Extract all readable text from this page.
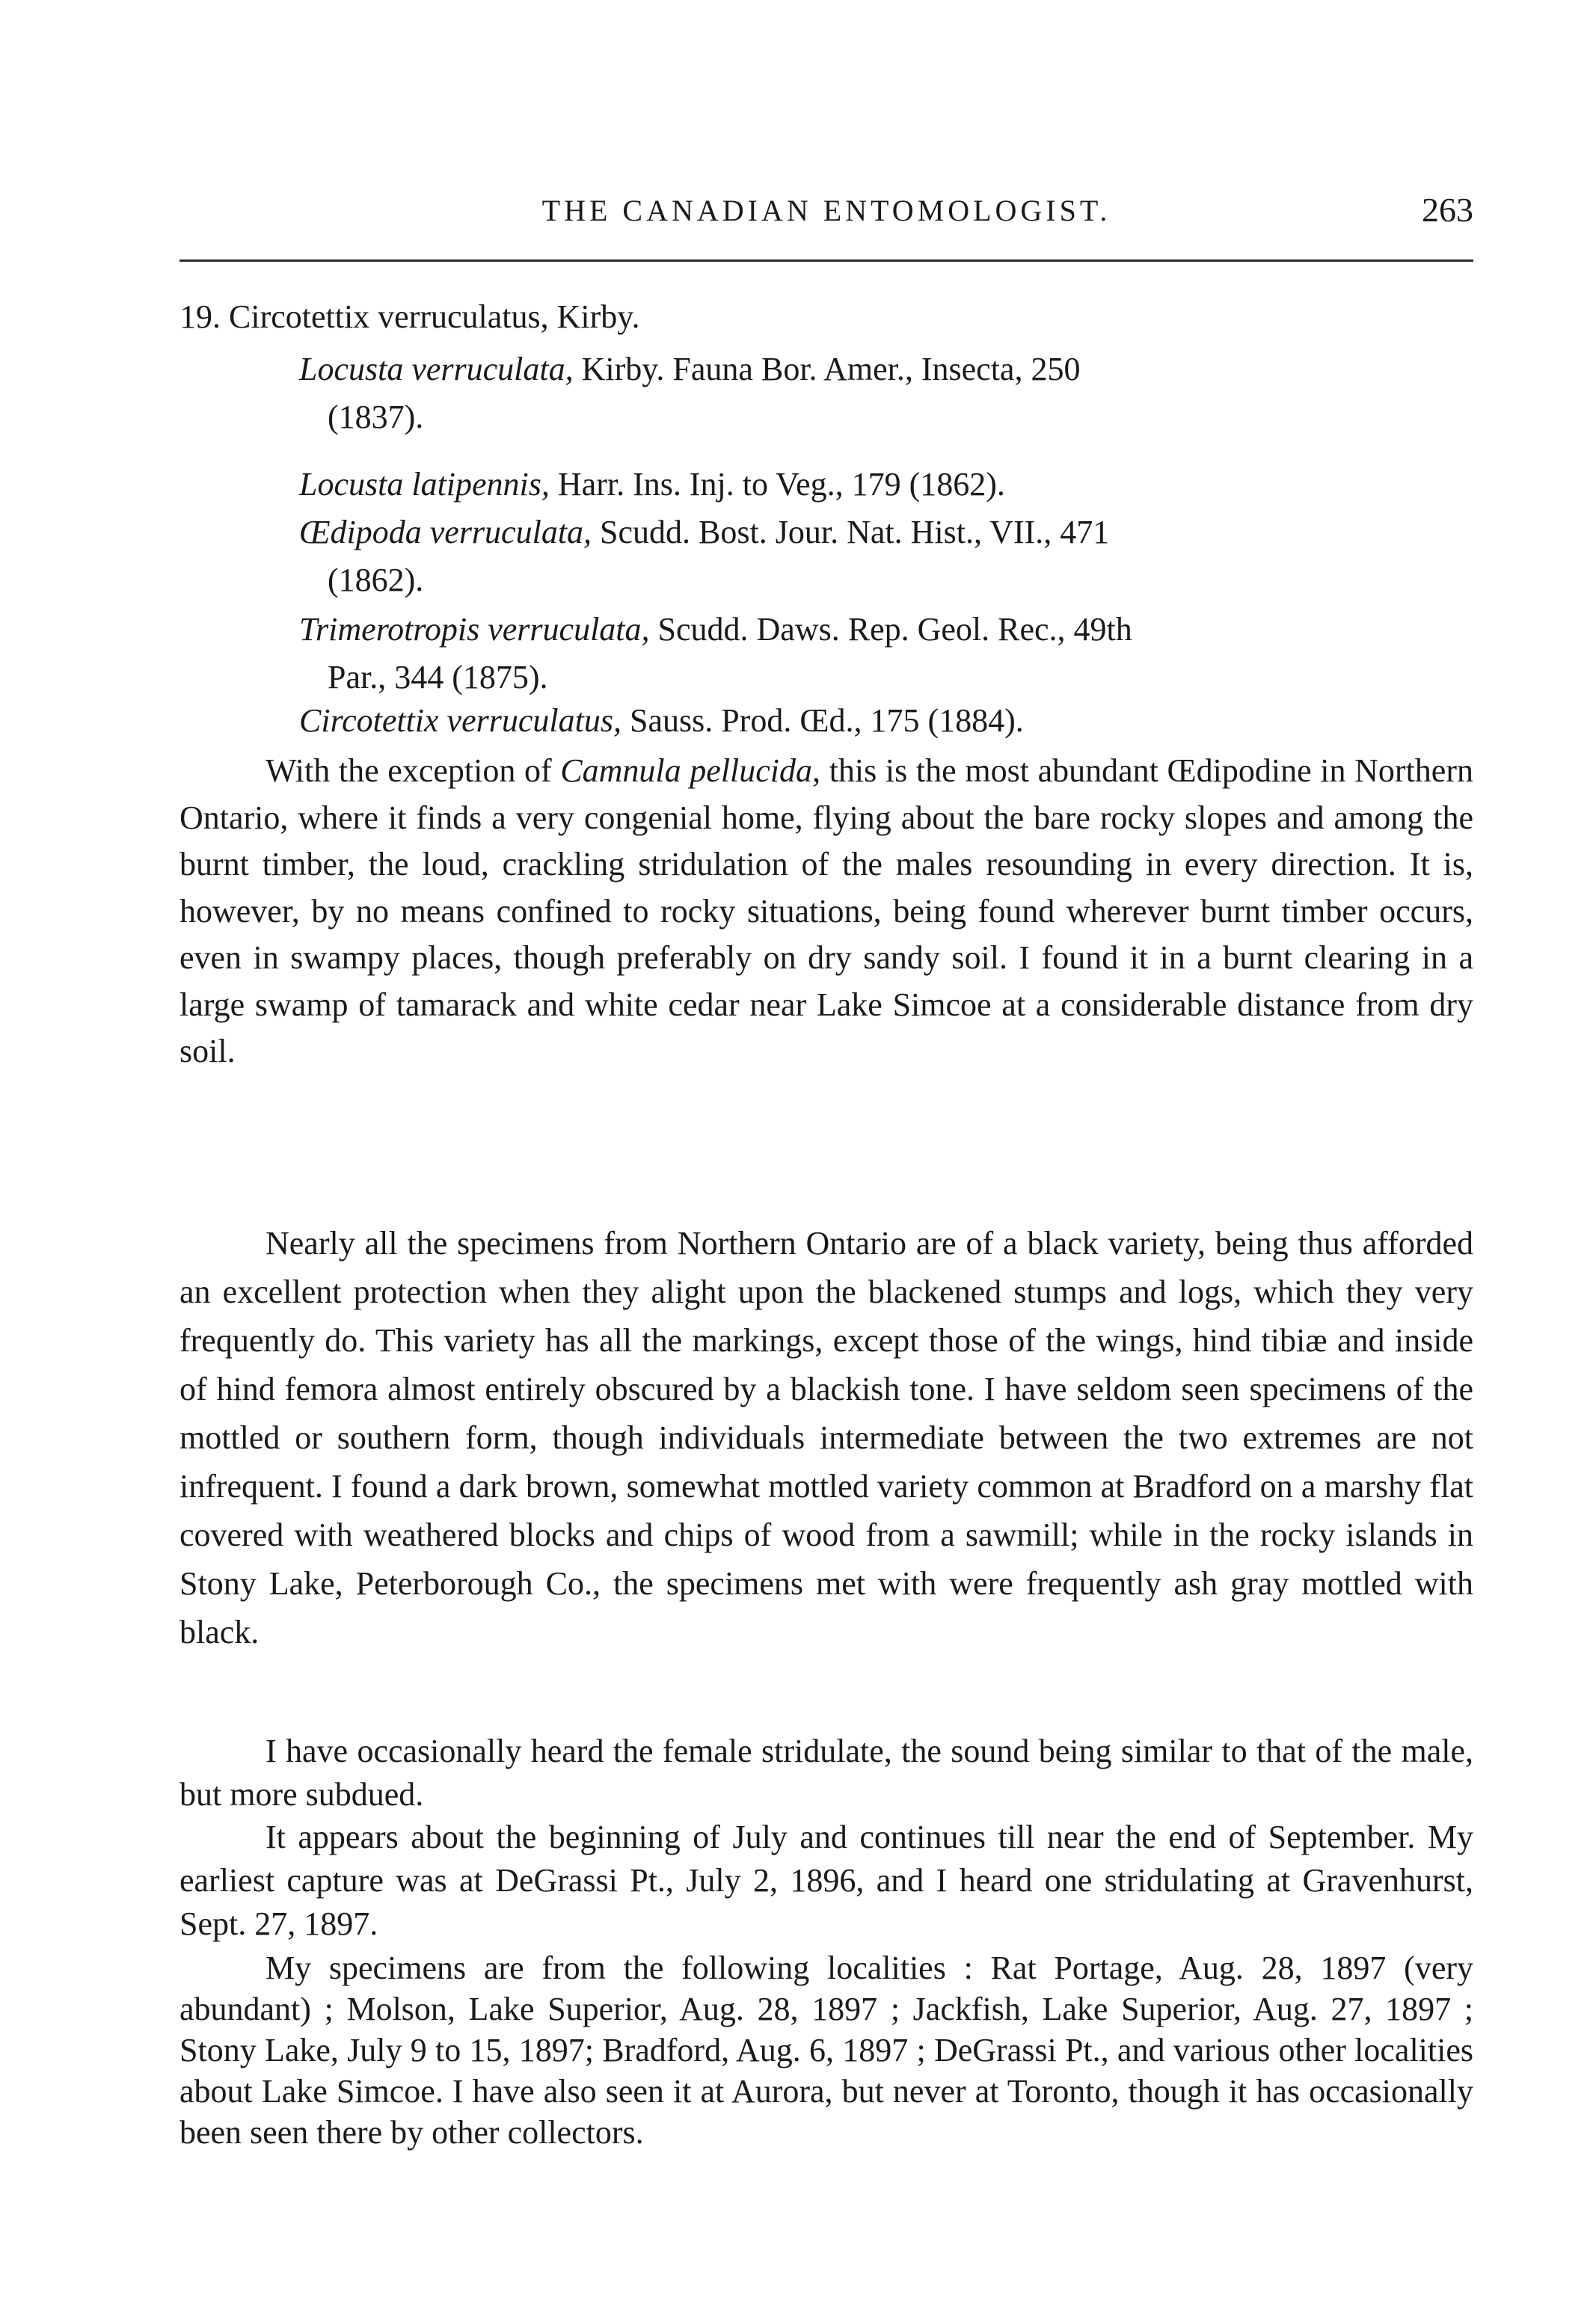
THE CANADIAN ENTOMOLOGIST.	263
19. Circotettix verruculatus, Kirby.
Locusta verruculata, Kirby. Fauna Bor. Amer., Insecta, 250
(1837).
Locusta latipennis, Harr. Ins. Inj. to Veg., 179 (1862).
Œdipoda verruculata, Scudd. Bost. Jour. Nat. Hist., VII., 471
(1862).
Trimerotropis verruculata, Scudd. Daws. Rep. Geol. Rec., 49th
Par., 344 (1875).
Circotettix verruculatus, Sauss. Prod. Œd., 175 (1884).

With the exception of Camnula pellucida, this is the most abundant Œdipodine in Northern Ontario, where it finds a very congenial home, flying about the bare rocky slopes and among the burnt timber, the loud, crackling stridulation of the males resounding in every direction. It is, however, by no means confined to rocky situations, being found wherever burnt timber occurs, even in swampy places, though preferably on dry sandy soil. I found it in a burnt clearing in a large swamp of tamarack and white cedar near Lake Simcoe at a considerable distance from dry soil.

Nearly all the specimens from Northern Ontario are of a black variety, being thus afforded an excellent protection when they alight upon the blackened stumps and logs, which they very frequently do. This variety has all the markings, except those of the wings, hind tibiæ and inside of hind femora almost entirely obscured by a blackish tone. I have seldom seen specimens of the mottled or southern form, though individuals intermediate between the two extremes are not infrequent. I found a dark brown, somewhat mottled variety common at Bradford on a marshy flat covered with weathered blocks and chips of wood from a sawmill; while in the rocky islands in Stony Lake, Peterborough Co., the specimens met with were frequently ash gray mottled with black.

I have occasionally heard the female stridulate, the sound being similar to that of the male, but more subdued.

It appears about the beginning of July and continues till near the end of September. My earliest capture was at DeGrassi Pt., July 2, 1896, and I heard one stridulating at Gravenhurst, Sept. 27, 1897.

My specimens are from the following localities : Rat Portage, Aug. 28, 1897 (very abundant) ; Molson, Lake Superior, Aug. 28, 1897 ; Jackfish, Lake Superior, Aug. 27, 1897 ; Stony Lake, July 9 to 15, 1897; Bradford, Aug. 6, 1897 ; DeGrassi Pt., and various other localities about Lake Simcoe. I have also seen it at Aurora, but never at Toronto, though it has occasionally been seen there by other collectors.
